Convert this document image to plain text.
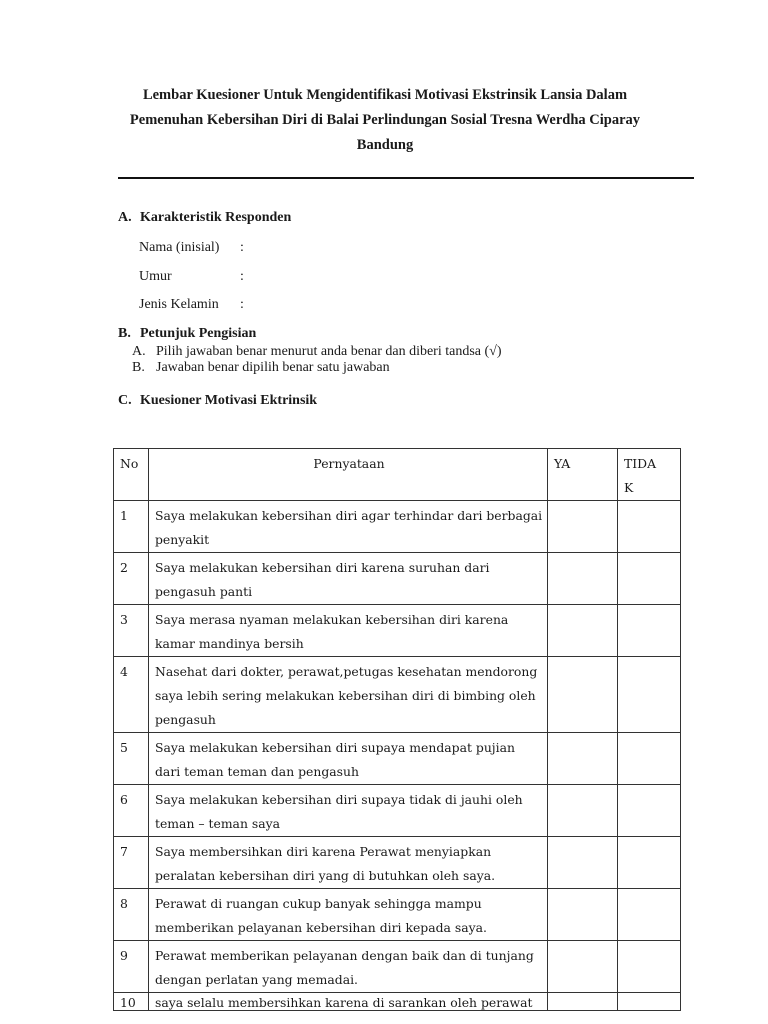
Lembar Kuesioner Untuk Mengidentifikasi Motivasi Ekstrinsik Lansia Dalam
Pemenuhan Kebersihan Diri di Balai Perlindungan Sosial Tresna Werdha Ciparay
Bandung
A. Karakteristik Responden
Nama (inisial) :
Umur	:
Jenis Kelamin :
B. Petunjuk Pengisian
A. Pilih jawaban benar menurut anda benar dan diberi tandsa (√)
B. Jawaban benar dipilih benar satu jawaban
C. Kuesioner Motivasi Ektrinsik
No	Pernyataan	YA	TIDAK

1	Saya melakukan kebersihan diri agar terhindar dari berbagai penyakit		
2	Saya melakukan kebersihan diri karena suruhan dari pengasuh panti		
3	Saya merasa nyaman melakukan kebersihan diri karena kamar mandinya bersih		
4	Nasehat dari dokter, perawat,petugas kesehatan mendorong saya lebih sering melakukan kebersihan diri di bimbing oleh pengasuh		
5	Saya melakukan kebersihan diri supaya mendapat pujian dari teman teman dan pengasuh		
6	Saya melakukan kebersihan diri supaya tidak di jauhi oleh teman – teman saya		
7	Saya membersihkan diri karena Perawat menyiapkan peralatan kebersihan diri yang di butuhkan oleh saya.		
8	Perawat di ruangan cukup banyak sehingga mampu memberikan pelayanan kebersihan diri kepada saya.		
9	Perawat memberikan pelayanan dengan baik dan di tunjang dengan perlatan yang memadai.		
10	saya selalu membersihkan karena di sarankan oleh perawat		
